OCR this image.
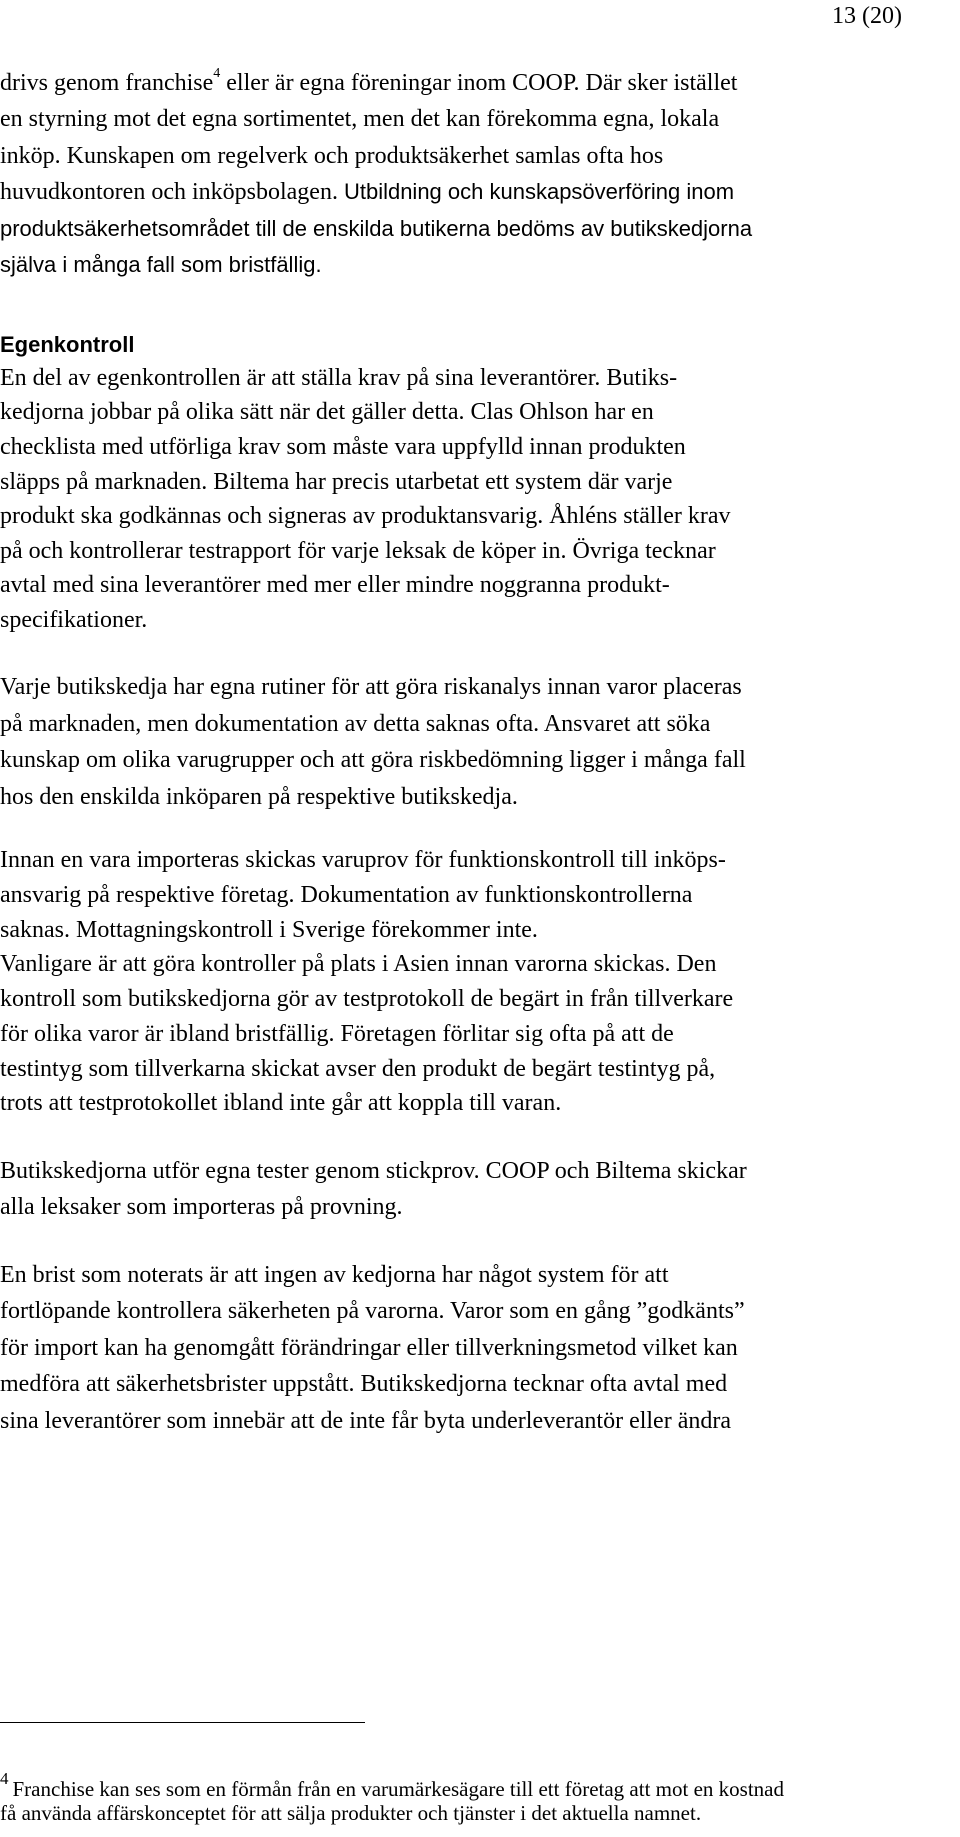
13 (20)
drivs genom franchise$^4$ eller är egna föreningar inom COOP. Där sker istället
en styrning mot det egna sortimentet, men det kan förekomma egna, lokala
inköp. Kunskapen om regelverk och produktsäkerhet samlas ofta hos
huvudkontoren och inköpsbolagen. Utbildning och kunskapsöverföring inom
produktsäkerhetsområdet till de enskilda butikerna bedöms av butikskedjorna
själva i många fall som bristfällig.
Egenkontroll
En del av egenkontrollen är att ställa krav på sina leverantörer. Butiks-
kedjorna jobbar på olika sätt när det gäller detta. Clas Ohlson har en
checklista med utförliga krav som måste vara uppfylld innan produkten
släpps på marknaden. Biltema har precis utarbetat ett system där varje
produkt ska godkännas och signeras av produktansvarig. Åhléns ställer krav
på och kontrollerar testrapport för varje leksak de köper in. Övriga tecknar
avtal med sina leverantörer med mer eller mindre noggranna produkt-
specifikationer.
Varje butikskedja har egna rutiner för att göra riskanalys innan varor placeras
på marknaden, men dokumentation av detta saknas ofta. Ansvaret att söka
kunskap om olika varugrupper och att göra riskbedömning ligger i många fall
hos den enskilda inköparen på respektive butikskedja.
Innan en vara importeras skickas varuprov för funktionskontroll till inköps-
ansvarig på respektive företag. Dokumentation av funktionskontrollerna
saknas. Mottagningskontroll i Sverige förekommer inte.
Vanligare är att göra kontroller på plats i Asien innan varorna skickas. Den
kontroll som butikskedjorna gör av testprotokoll de begärt in från tillverkare
för olika varor är ibland bristfällig. Företagen förlitar sig ofta på att de
testintyg som tillverkarna skickat avser den produkt de begärt testintyg på,
trots att testprotokollet ibland inte går att koppla till varan.
Butikskedjorna utför egna tester genom stickprov. COOP och Biltema skickar
alla leksaker som importeras på provning.
En brist som noterats är att ingen av kedjorna har något system för att
fortlöpande kontrollera säkerheten på varorna. Varor som en gång ”godkänts”
för import kan ha genomgått förändringar eller tillverkningsmetod vilket kan
medföra att säkerhetsbrister uppstått. Butikskedjorna tecknar ofta avtal med
sina leverantörer som innebär att de inte får byta underleverantör eller ändra
$^4$ Franchise kan ses som en förmån från en varumärkesägare till ett företag att mot en kostnad
få använda affärskonceptet för att sälja produkter och tjänster i det aktuella namnet.
